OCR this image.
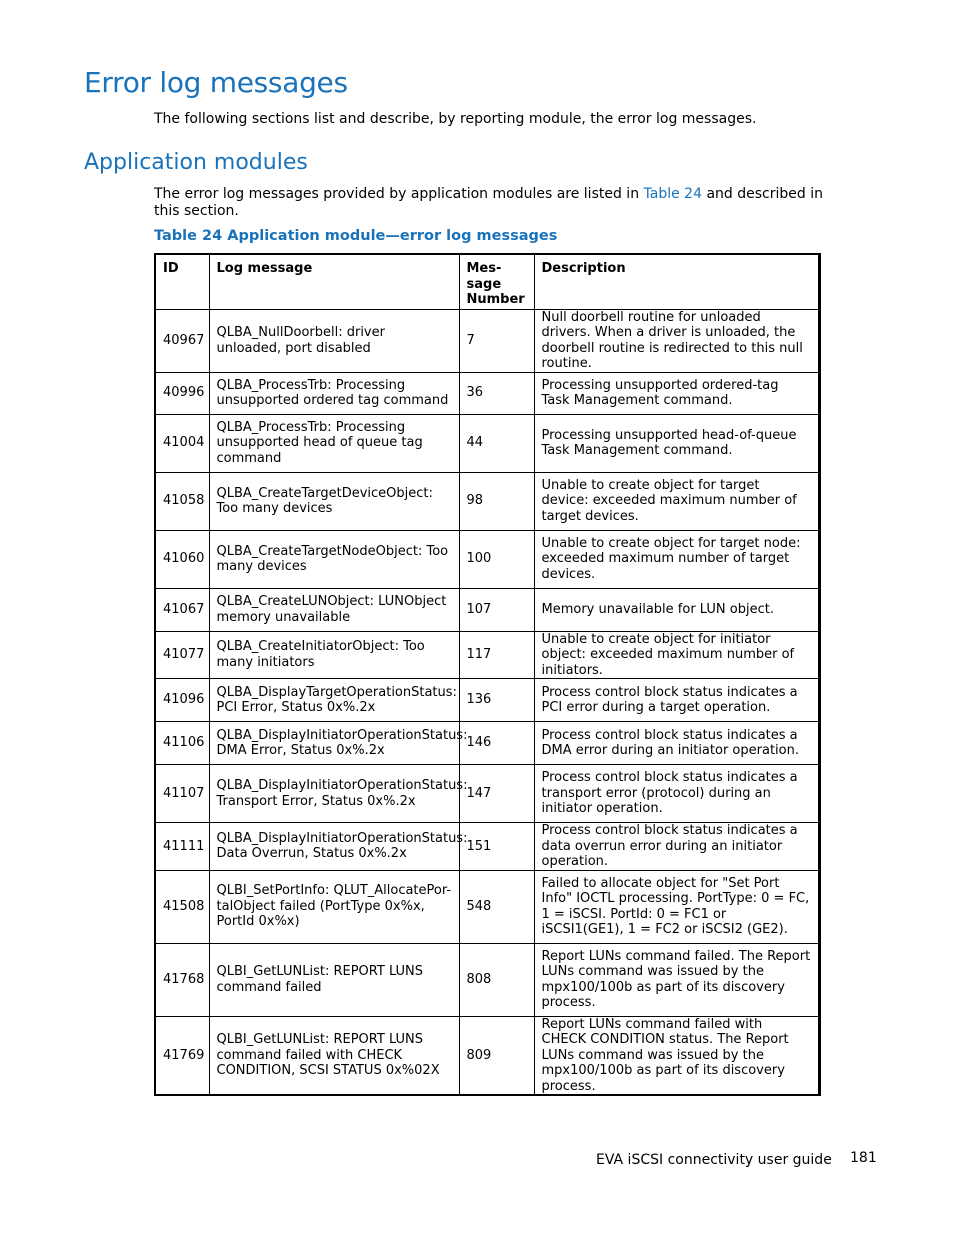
Error log messages

The following sections list and describe, by reporting module, the error log messages.

Application modules

The error log messages provided by application modules are listed in Table 24 and described in this section.

Table 24 Application module—error log messages

ID	Log message	Mes-sage Number	Description
40967	QLBA_NullDoorbell: driver unloaded, port disabled	7	Null doorbell routine for unloaded drivers. When a driver is unloaded, the doorbell routine is redirected to this null routine.
40996	QLBA_ProcessTrb: Processing unsupported ordered tag command	36	Processing unsupported ordered-tag Task Management command.
41004	QLBA_ProcessTrb: Processing unsupported head of queue tag command	44	Processing unsupported head-of-queue Task Management command.
41058	QLBA_CreateTargetDeviceObject: Too many devices	98	Unable to create object for target device: exceeded maximum number of target devices.
41060	QLBA_CreateTargetNodeObject: Too many devices	100	Unable to create object for target node: exceeded maximum number of target devices.
41067	QLBA_CreateLUNObject: LUNObject memory unavailable	107	Memory unavailable for LUN object.
41077	QLBA_CreateInitiatorObject: Too many initiators	117	Unable to create object for initiator object: exceeded maximum number of initiators.
41096	QLBA_DisplayTargetOperationStatus: PCI Error, Status 0x%.2x	136	Process control block status indicates a PCI error during a target operation.
41106	QLBA_DisplayInitiatorOperationStatus: DMA Error, Status 0x%.2x	146	Process control block status indicates a DMA error during an initiator operation.
41107	QLBA_DisplayInitiatorOperationStatus: Transport Error, Status 0x%.2x	147	Process control block status indicates a transport error (protocol) during an initiator operation.
41111	QLBA_DisplayInitiatorOperationStatus: Data Overrun, Status 0x%.2x	151	Process control block status indicates a data overrun error during an initiator operation.
41508	QLBI_SetPortInfo: QLUT_AllocatePor-talObject failed (PortType 0x%x, PortId 0x%x)	548	Failed to allocate object for "Set Port Info" IOCTL processing. PortType: 0 = FC, 1 = iSCSI. PortId: 0 = FC1 or iSCSI1(GE1), 1 = FC2 or iSCSI2 (GE2).
41768	QLBI_GetLUNList: REPORT LUNS command failed	808	Report LUNs command failed. The Report LUNs command was issued by the mpx100/100b as part of its discovery process.
41769	QLBI_GetLUNList: REPORT LUNS command failed with CHECK CONDITION, SCSI STATUS 0x%02X	809	Report LUNs command failed with CHECK CONDITION status. The Report LUNs command was issued by the mpx100/100b as part of its discovery process.

EVA iSCSI connectivity user guide 181
